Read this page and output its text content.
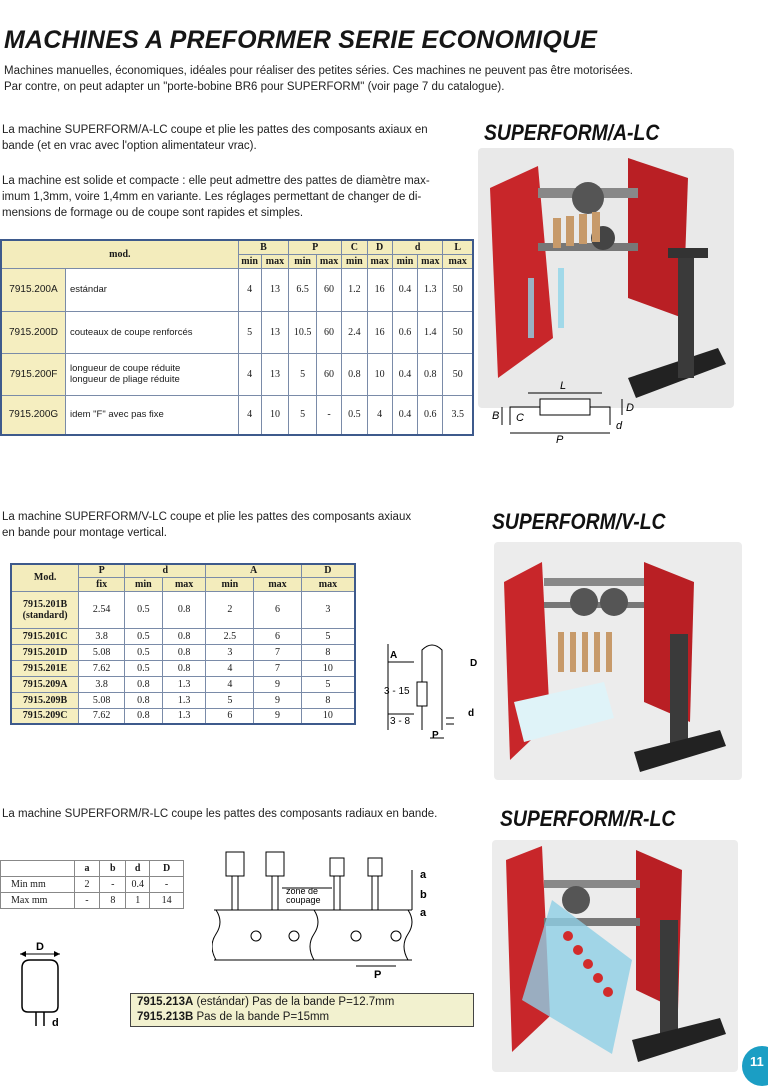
MACHINES A PREFORMER SERIE ECONOMIQUE
Machines manuelles, économiques, idéales pour réaliser des petites séries. Ces machines ne peuvent pas être motorisées.
Par contre, on peut adapter un "porte-bobine BR6 pour SUPERFORM" (voir page 7 du catalogue).
La machine SUPERFORM/A-LC coupe et plie les pattes des composants axiaux en
bande (et en vrac avec l'option alimentateur vrac).
La machine est solide et compacte : elle peut admettre des pattes de diamètre max-
imum 1,3mm, voire 1,4mm en variante. Les réglages permettant de changer de di-
mensions de formage ou de coupe sont rapides et simples.
SUPERFORM/A-LC
mod.		B		P		C	D	d		L
		min	max	min	max	min	max	min	max	max
7915.200A	estándar	4	13	6.5	60	1.2	16	0.4	1.3	50
7915.200D	couteaux de coupe renforcés	5	13	10.5	60	2.4	16	0.6	1.4	50
7915.200F	longueur de coupe réduite
longueur de pliage réduite	4	13	5	60	0.8	10	0.4	0.8	50
7915.200G	idem "F" avec pas fixe	4	10	5	-	0.5	4	0.4	0.6	3.5
L
B C
D
P
d
La machine SUPERFORM/V-LC coupe et plie les pattes des composants axiaux
en bande pour montage vertical.	SUPERFORM/V-LC
Mod.	P	d		A		D
	fix	min	max	min	max	max

7915.201B
(standard)	2.54	0.5	0.8	2	6	3
7915.201C	3.8	0.5	0.8	2.5	6	5
7915.201D	5.08	0.5	0.8	3	7	8
7915.201E	7.62	0.5	0.8	4	7	10
7915.209A	3.8	0.8	1.3	4	9	5
7915.209B	5.08	0.8	1.3	5	9	8
7915.209C	7.62	0.8	1.3	6	9	10
A
D
3 - 15
3 - 8
d
P
La machine SUPERFORM/R-LC coupe les pattes des composants radiaux en bande.	SUPERFORM/R-LC
	a	b	d	D
Min mm	2	-	0.4	-
Max mm	-	8	1	14
D
d
zone de
coupage
a
b
a
P
7915.213A (estándar) Pas de la bande P=12.7mm
7915.213B Pas de la bande P=15mm
11
